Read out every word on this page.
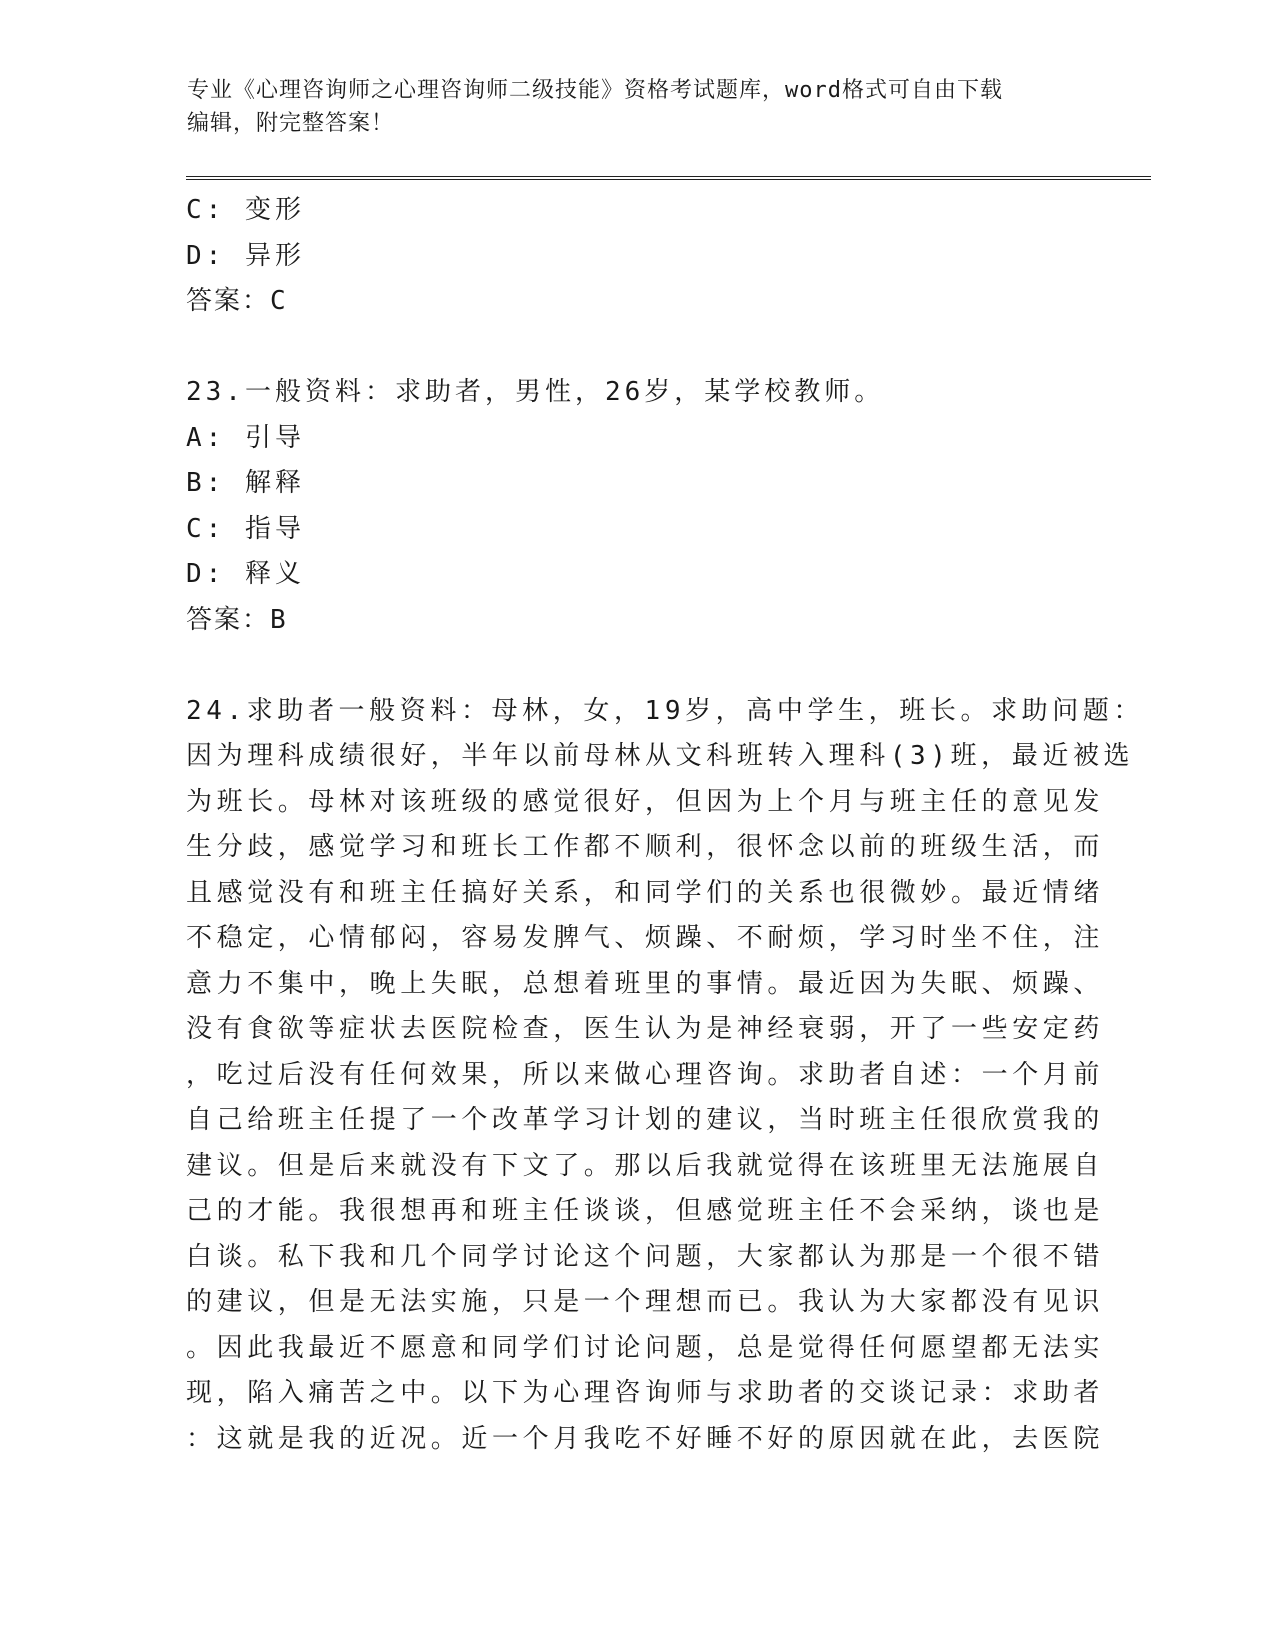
专业《心理咨询师之心理咨询师二级技能》资格考试题库，word格式可自由下载
编辑，附完整答案！
C: 变形
D: 异形
答案：C
23.一般资料：求助者，男性，26岁，某学校教师。
A: 引导
B: 解释
C: 指导
D: 释义
答案：B
24.求助者一般资料：母林，女，19岁，高中学生，班长。求助问题：
因为理科成绩很好，半年以前母林从文科班转入理科(3)班，最近被选
为班长。母林对该班级的感觉很好，但因为上个月与班主任的意见发
生分歧，感觉学习和班长工作都不顺利，很怀念以前的班级生活，而
且感觉没有和班主任搞好关系，和同学们的关系也很微妙。最近情绪
不稳定，心情郁闷，容易发脾气、烦躁、不耐烦，学习时坐不住，注
意力不集中，晚上失眠，总想着班里的事情。最近因为失眠、烦躁、
没有食欲等症状去医院检查，医生认为是神经衰弱，开了一些安定药
，吃过后没有任何效果，所以来做心理咨询。求助者自述：一个月前
自己给班主任提了一个改革学习计划的建议，当时班主任很欣赏我的
建议。但是后来就没有下文了。那以后我就觉得在该班里无法施展自
己的才能。我很想再和班主任谈谈，但感觉班主任不会采纳，谈也是
白谈。私下我和几个同学讨论这个问题，大家都认为那是一个很不错
的建议，但是无法实施，只是一个理想而已。我认为大家都没有见识
。因此我最近不愿意和同学们讨论问题，总是觉得任何愿望都无法实
现，陷入痛苦之中。以下为心理咨询师与求助者的交谈记录：求助者
：这就是我的近况。近一个月我吃不好睡不好的原因就在此，去医院
